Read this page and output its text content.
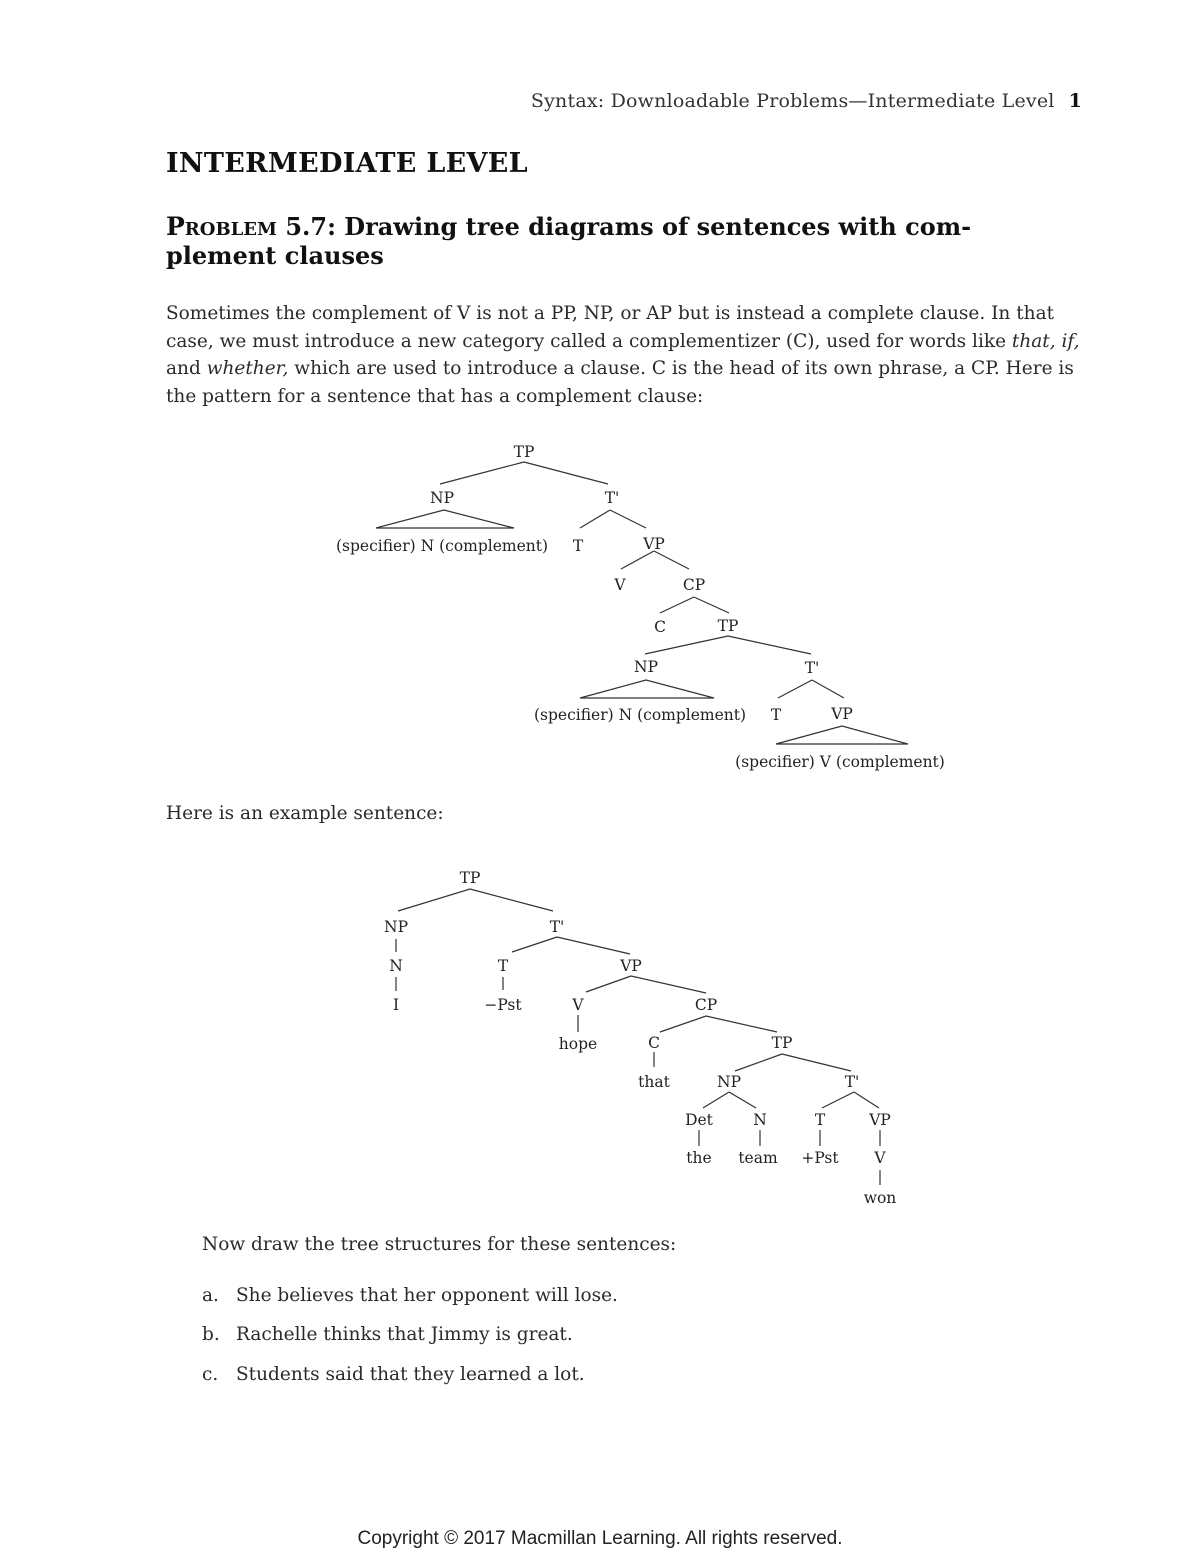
Syntax: Downloadable Problems—Intermediate Level 1
INTERMEDIATE LEVEL
Problem 5.7: Drawing tree diagrams of sentences with com- plement clauses
Sometimes the complement of V is not a PP, NP, or AP but is instead a complete clause. In that case, we must introduce a new category called a complementizer (C), used for words like that, if, and whether, which are used to introduce a clause. C is the head of its own phrase, a CP. Here is the pattern for a sentence that has a complement clause:
TP
NP	T'
(specifier) N (complement) T	VP
V	CP
C	TP
NP	T'
(specifier) N (complement) T	VP
(specifier) V (complement)
Here is an example sentence:
TP
NP
N
I
T'
T
−Pst
VP
V
hope
CP
C
that
TP
NP
Det
the
N
team
T'
T
+Pst
VP
V
won
Now draw the tree structures for these sentences:
a. She believes that her opponent will lose.
b. Rachelle thinks that Jimmy is great.
c. Students said that they learned a lot.
Copyright © 2017 Macmillan Learning. All rights reserved.
